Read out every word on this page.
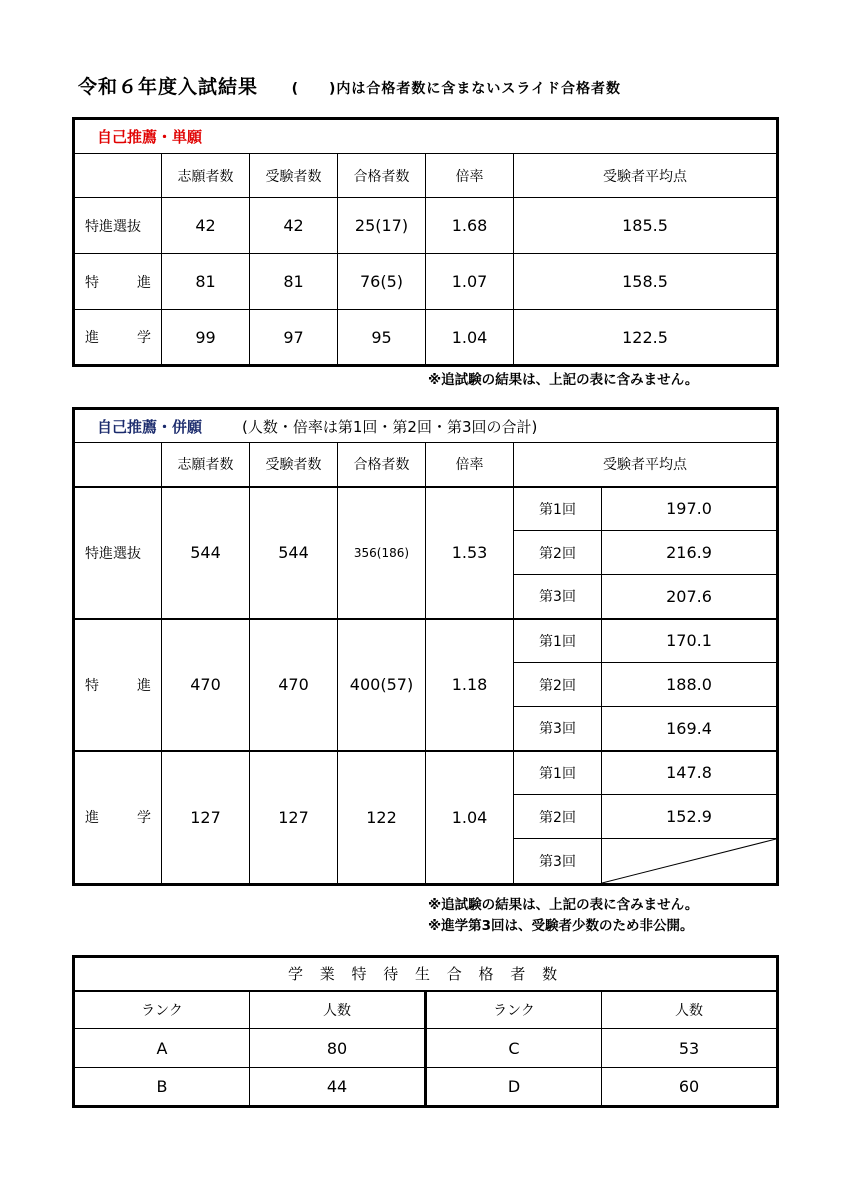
令和６年度入試結果 (　　)内は合格者数に含まないスライド合格者数
自己推薦・単願					
	志願者数	受験者数	合格者数	倍率	受験者平均点
特進選抜	42	42	25(17)	1.68	185.5

特 進	81	81	76(5)	1.07	158.5

進 学	99	97	95	1.04	122.5
※追試験の結果は、上記の表に含みません。
自己推薦・併願 (人数・倍率は第1回・第2回・第3回の合計)						
	志願者数	受験者数	合格者数	倍率	受験者平均点	
特進選抜	544	544	356(186)	1.53	第1回	197.0
					第2回	216.9
					第3回	207.6

特 進	470	470	400(57)	1.18	第1回	170.1
					第2回	188.0
					第3回	169.4

進 学	127	127	122	1.04	第1回	147.8
					第2回	152.9
					第3回	
※追試験の結果は、上記の表に含みません。
※進学第3回は、受験者少数のため非公開。
学 業 特 待 生 合 格 者 数			
ランク	人数	ランク	人数
A	80	C	53
B	44	D	60
